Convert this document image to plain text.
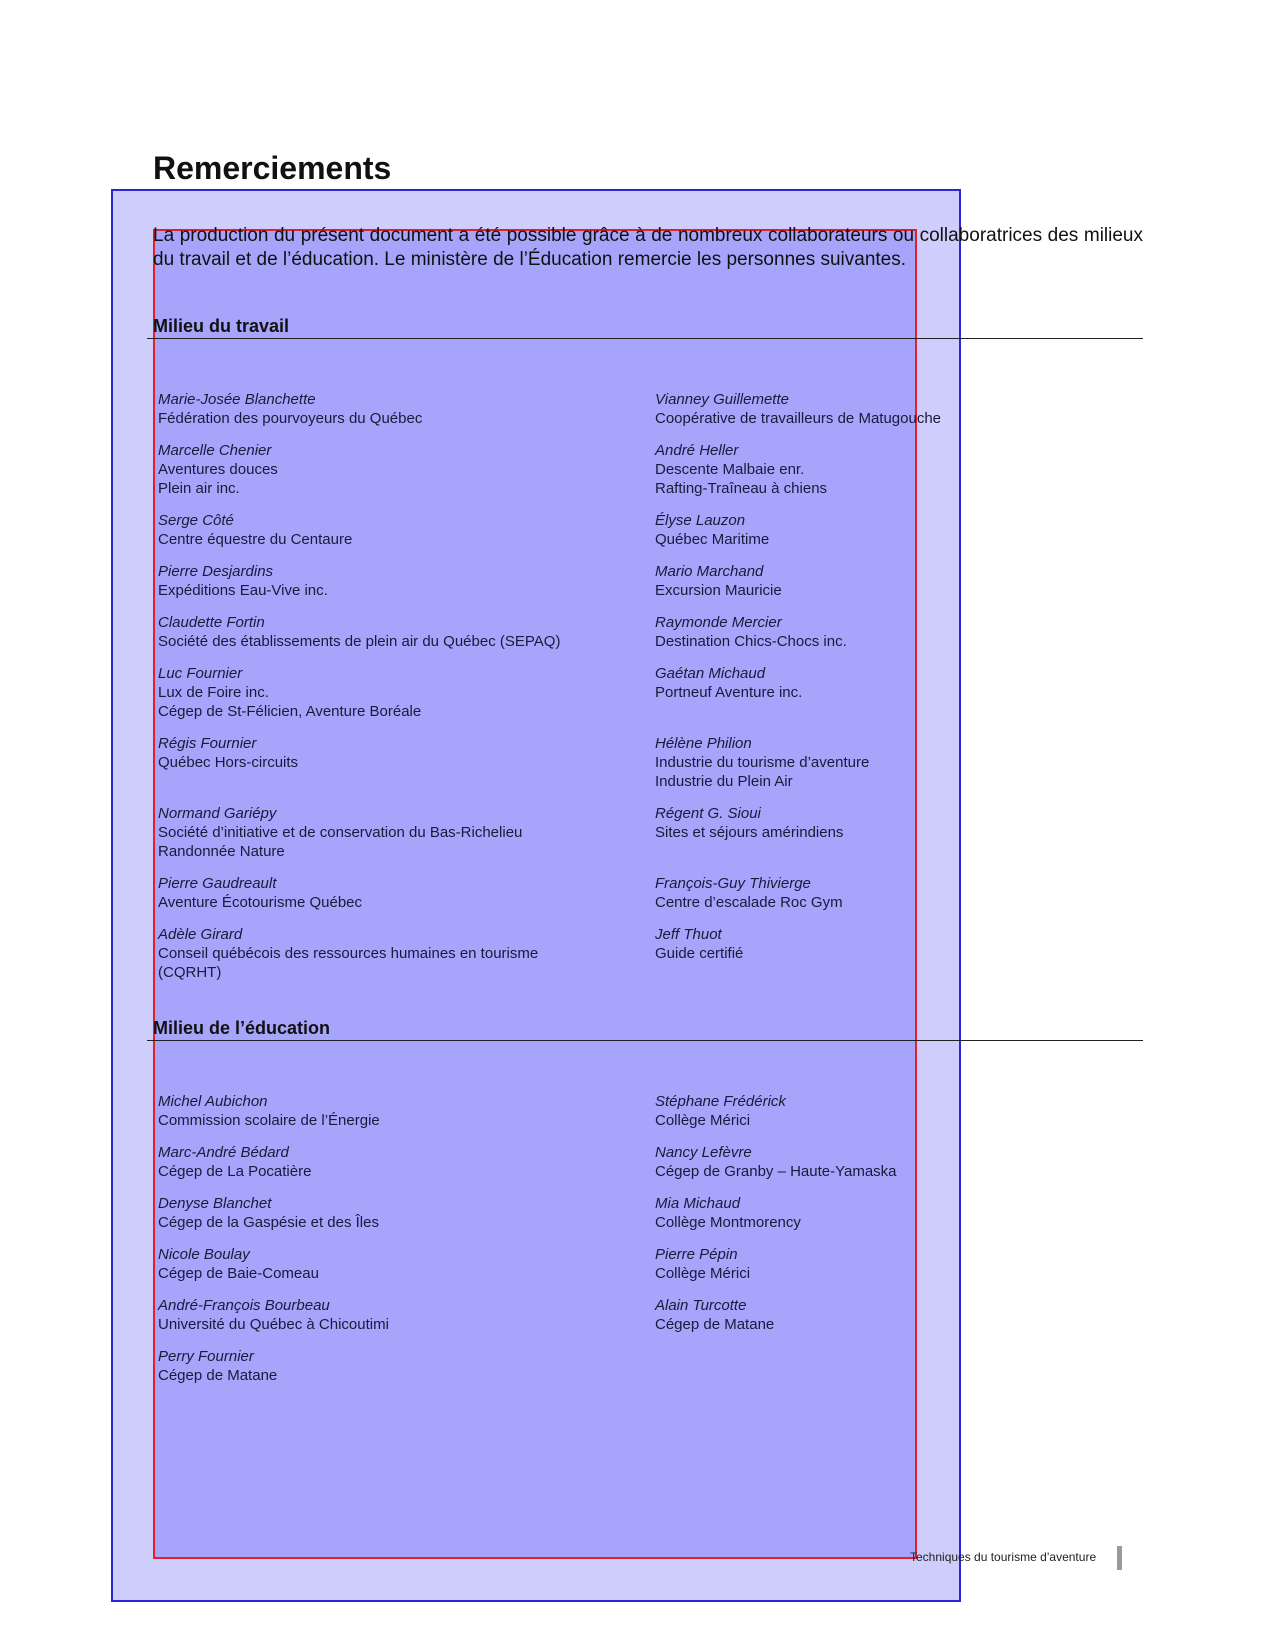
Remerciements

La production du présent document a été possible grâce à de nombreux collaborateurs ou collaboratrices des milieux du travail et de l’éducation. Le ministère de l’Éducation remercie les personnes suivantes.

Milieu du travail
Marie-Josée Blanchette
Fédération des pourvoyeurs du Québec
Vianney Guillemette
Coopérative de travailleurs de Matugouche
Marcelle Chenier
Aventures douces
Plein air inc.
André Heller
Descente Malbaie enr.
Rafting-Traîneau à chiens
Serge Côté
Centre équestre du Centaure
Élyse Lauzon
Québec Maritime
Pierre Desjardins
Expéditions Eau-Vive inc.
Mario Marchand
Excursion Mauricie
Claudette Fortin
Société des établissements de plein air du Québec (SEPAQ)
Raymonde Mercier
Destination Chics-Chocs inc.
Luc Fournier
Lux de Foire inc.
Cégep de St-Félicien, Aventure Boréale
Gaétan Michaud
Portneuf Aventure inc.
Régis Fournier
Québec Hors-circuits
Hélène Philion
Industrie du tourisme d’aventure
Industrie du Plein Air
Normand Gariépy
Société d’initiative et de conservation du Bas-Richelieu
Randonnée Nature
Régent G. Sioui
Sites et séjours amérindiens
Pierre Gaudreault
Aventure Écotourisme Québec
François-Guy Thivierge
Centre d’escalade Roc Gym
Adèle Girard
Conseil québécois des ressources humaines en tourisme
(CQRHT)
Jeff Thuot
Guide certifié
Milieu de l’éducation
Michel Aubichon
Commission scolaire de l’Énergie
Stéphane Frédérick
Collège Mérici
Marc-André Bédard
Cégep de La Pocatière
Nancy Lefèvre
Cégep de Granby – Haute-Yamaska
Denyse Blanchet
Cégep de la Gaspésie et des Îles
Mia Michaud
Collège Montmorency
Nicole Boulay
Cégep de Baie-Comeau
Pierre Pépin
Collège Mérici
André-François Bourbeau
Université du Québec à Chicoutimi
Alain Turcotte
Cégep de Matane
Perry Fournier
Cégep de Matane
Techniques du tourisme d’aventure
